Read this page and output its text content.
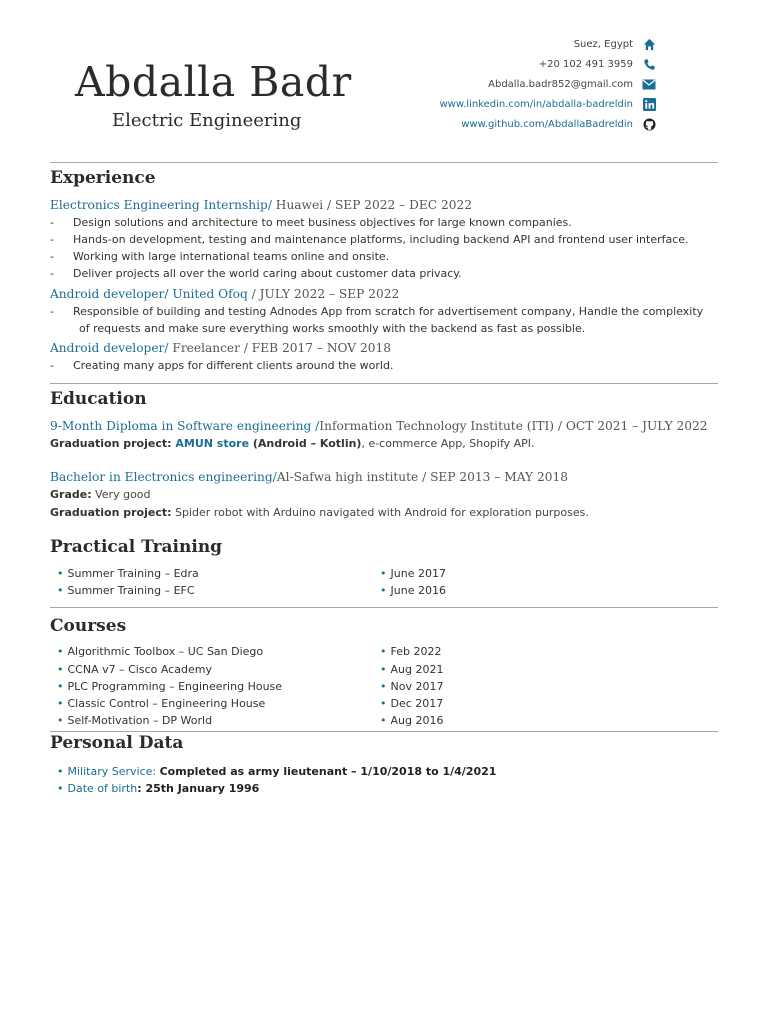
Abdalla Badr
Electric Engineering
Suez, Egypt
+20 102 491 3959
Abdalla.badr852@gmail.com
www.linkedin.com/in/abdalla-badreldin
www.github.com/AbdallaBadreldin
Experience
Electronics Engineering Internship/ Huawei / SEP 2022 – DEC 2022
- Design solutions and architecture to meet business objectives for large known companies.
- Hands-on development, testing and maintenance platforms, including backend API and frontend user interface.
- Working with large international teams online and onsite.
- Deliver projects all over the world caring about customer data privacy.
Android developer/ United Ofoq / JULY 2022 – SEP 2022
- Responsible of building and testing Adnodes App from scratch for advertisement company, Handle the complexity
of requests and make sure everything works smoothly with the backend as fast as possible.
Android developer/ Freelancer / FEB 2017 – NOV 2018
- Creating many apps for different clients around the world.
Education
9-Month Diploma in Software engineering /Information Technology Institute (ITI) / OCT 2021 – JULY 2022
Graduation project: AMUN store (Android – Kotlin), e-commerce App, Shopify API.
Bachelor in Electronics engineering/Al-Safwa high institute / SEP 2013 – MAY 2018
Grade: Very good
Graduation project: Spider robot with Arduino navigated with Android for exploration purposes.
Practical Training
• Summer Training – Edra	• June 2017
• Summer Training – EFC	• June 2016
Courses
• Algorithmic Toolbox – UC San Diego	• Feb 2022
• CCNA v7 – Cisco Academy	• Aug 2021
• PLC Programming – Engineering House	• Nov 2017
• Classic Control – Engineering House	• Dec 2017
• Self-Motivation – DP World	• Aug 2016
Personal Data
• Military Service: Completed as army lieutenant – 1/10/2018 to 1/4/2021
• Date of birth: 25th January 1996
